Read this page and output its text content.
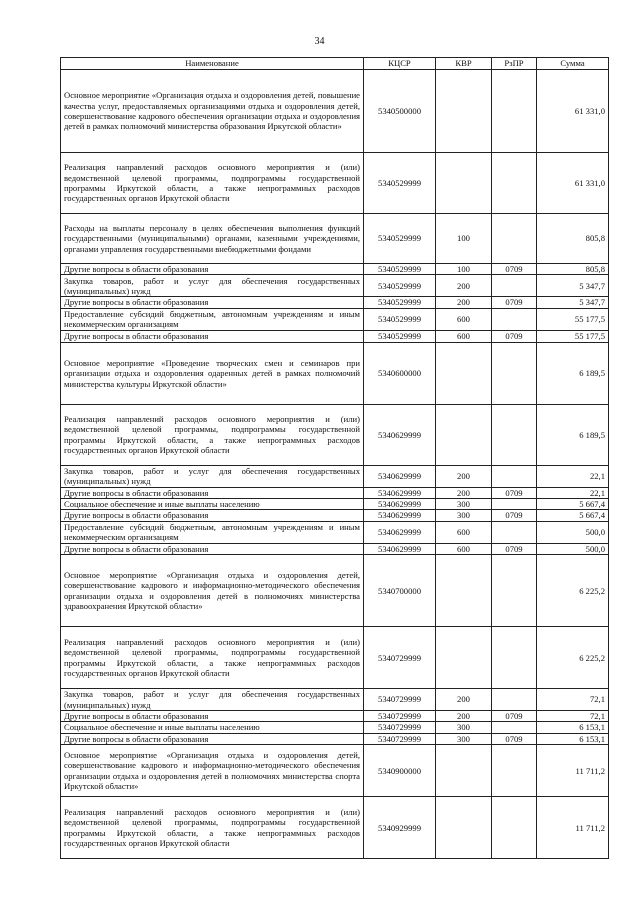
34
Наименование	КЦСР	КВР	РзПР	Сумма
Основное мероприятие «Организация отдыха и оздоровления детей, повышение качества услуг, предоставляемых организациями отдыха и оздоровления детей, совершенствование кадрового обеспечения организации отдыха и оздоровления детей в рамках полномочий министерства образования Иркутской области»	5340500000			61 331,0
Реализация направлений расходов основного мероприятия и (или) ведомственной целевой программы, подпрограммы государственной программы Иркутской области, а также непрограммных расходов государственных органов Иркутской области	5340529999			61 331,0
Расходы на выплаты персоналу в целях обеспечения выполнения функций государственными (муниципальными) органами, казенными учреждениями, органами управления государственными внебюджетными фондами	5340529999	100		805,8
Другие вопросы в области образования	5340529999	100	0709	805,8
Закупка товаров, работ и услуг для обеспечения государственных (муниципальных) нужд	5340529999	200		5 347,7
Другие вопросы в области образования	5340529999	200	0709	5 347,7
Предоставление субсидий бюджетным, автономным учреждениям и иным некоммерческим организациям	5340529999	600		55 177,5
Другие вопросы в области образования	5340529999	600	0709	55 177,5
Основное мероприятие «Проведение творческих смен и семинаров при организации отдыха и оздоровления одаренных детей в рамках полномочий министерства культуры Иркутской области»	5340600000			6 189,5
Реализация направлений расходов основного мероприятия и (или) ведомственной целевой программы, подпрограммы государственной программы Иркутской области, а также непрограммных расходов государственных органов Иркутской области	5340629999			6 189,5
Закупка товаров, работ и услуг для обеспечения государственных (муниципальных) нужд	5340629999	200		22,1
Другие вопросы в области образования	5340629999	200	0709	22,1
Социальное обеспечение и иные выплаты населению	5340629999	300		5 667,4
Другие вопросы в области образования	5340629999	300	0709	5 667,4
Предоставление субсидий бюджетным, автономным учреждениям и иным некоммерческим организациям	5340629999	600		500,0
Другие вопросы в области образования	5340629999	600	0709	500,0
Основное мероприятие «Организация отдыха и оздоровления детей, совершенствование кадрового и информационно-методического обеспечения организации отдыха и оздоровления детей в полномочиях министерства здравоохранения Иркутской области»	5340700000			6 225,2
Реализация направлений расходов основного мероприятия и (или) ведомственной целевой программы, подпрограммы государственной программы Иркутской области, а также непрограммных расходов государственных органов Иркутской области	5340729999			6 225,2
Закупка товаров, работ и услуг для обеспечения государственных (муниципальных) нужд	5340729999	200		72,1
Другие вопросы в области образования	5340729999	200	0709	72,1
Социальное обеспечение и иные выплаты населению	5340729999	300		6 153,1
Другие вопросы в области образования	5340729999	300	0709	6 153,1
Основное мероприятие «Организация отдыха и оздоровления детей, совершенствование кадрового и информационно-методического обеспечения организации отдыха и оздоровления детей в полномочиях министерства спорта Иркутской области»	5340900000			11 711,2
Реализация направлений расходов основного мероприятия и (или) ведомственной целевой программы, подпрограммы государственной программы Иркутской области, а также непрограммных расходов государственных органов Иркутской области	5340929999			11 711,2
